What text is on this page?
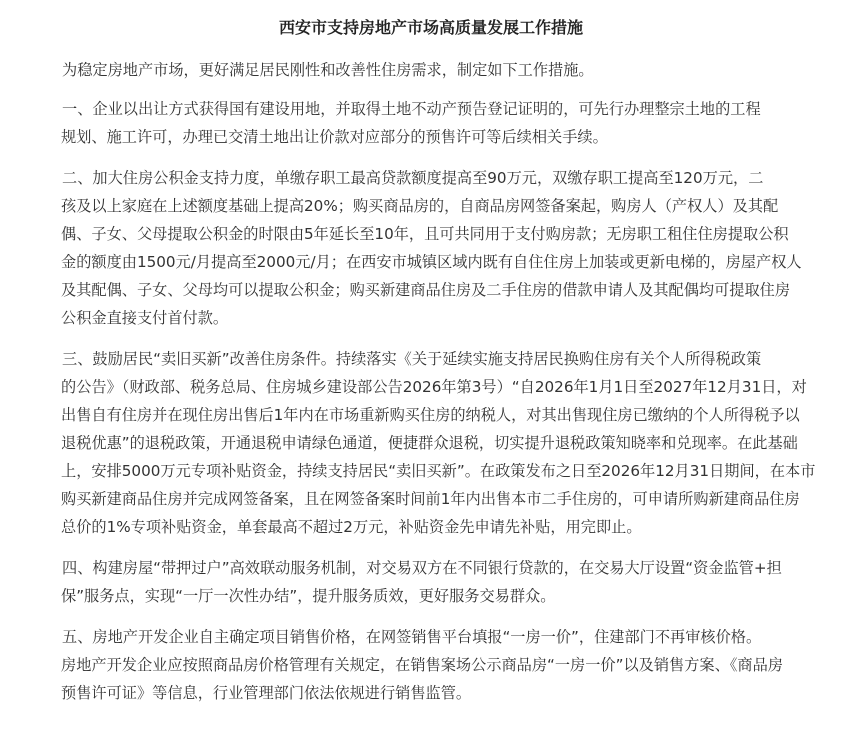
西安市支持房地产市场高质量发展工作措施

为稳定房地产市场，更好满足居民刚性和改善性住房需求，制定如下工作措施。

一、企业以出让方式获得国有建设用地，并取得土地不动产预告登记证明的，可先行办理整宗土地的工程
规划、施工许可，办理已交清土地出让价款对应部分的预售许可等后续相关手续。

二、加大住房公积金支持力度，单缴存职工最高贷款额度提高至90万元，双缴存职工提高至120万元，二
孩及以上家庭在上述额度基础上提高20%；购买商品房的，自商品房网签备案起，购房人（产权人）及其配
偶、子女、父母提取公积金的时限由5年延长至10年，且可共同用于支付购房款；无房职工租住住房提取公积
金的额度由1500元/月提高至2000元/月；在西安市城镇区域内既有自住住房上加装或更新电梯的，房屋产权人
及其配偶、子女、父母均可以提取公积金；购买新建商品住房及二手住房的借款申请人及其配偶均可提取住房
公积金直接支付首付款。

三、鼓励居民“卖旧买新”改善住房条件。持续落实《关于延续实施支持居民换购住房有关个人所得税政策
的公告》（财政部、税务总局、住房城乡建设部公告2026年第3号）“自2026年1月1日至2027年12月31日，对
出售自有住房并在现住房出售后1年内在市场重新购买住房的纳税人，对其出售现住房已缴纳的个人所得税予以
退税优惠”的退税政策，开通退税申请绿色通道，便捷群众退税，切实提升退税政策知晓率和兑现率。在此基础
上，安排5000万元专项补贴资金，持续支持居民“卖旧买新”。在政策发布之日至2026年12月31日期间，在本市
购买新建商品住房并完成网签备案，且在网签备案时间前1年内出售本市二手住房的，可申请所购新建商品住房
总价的1%专项补贴资金，单套最高不超过2万元，补贴资金先申请先补贴，用完即止。

四、构建房屋“带押过户”高效联动服务机制，对交易双方在不同银行贷款的，在交易大厅设置“资金监管+担
保”服务点，实现“一厅一次性办结”，提升服务质效，更好服务交易群众。

五、房地产开发企业自主确定项目销售价格，在网签销售平台填报“一房一价”，住建部门不再审核价格。
房地产开发企业应按照商品房价格管理有关规定，在销售案场公示商品房“一房一价”以及销售方案、《商品房
预售许可证》等信息，行业管理部门依法依规进行销售监管。
